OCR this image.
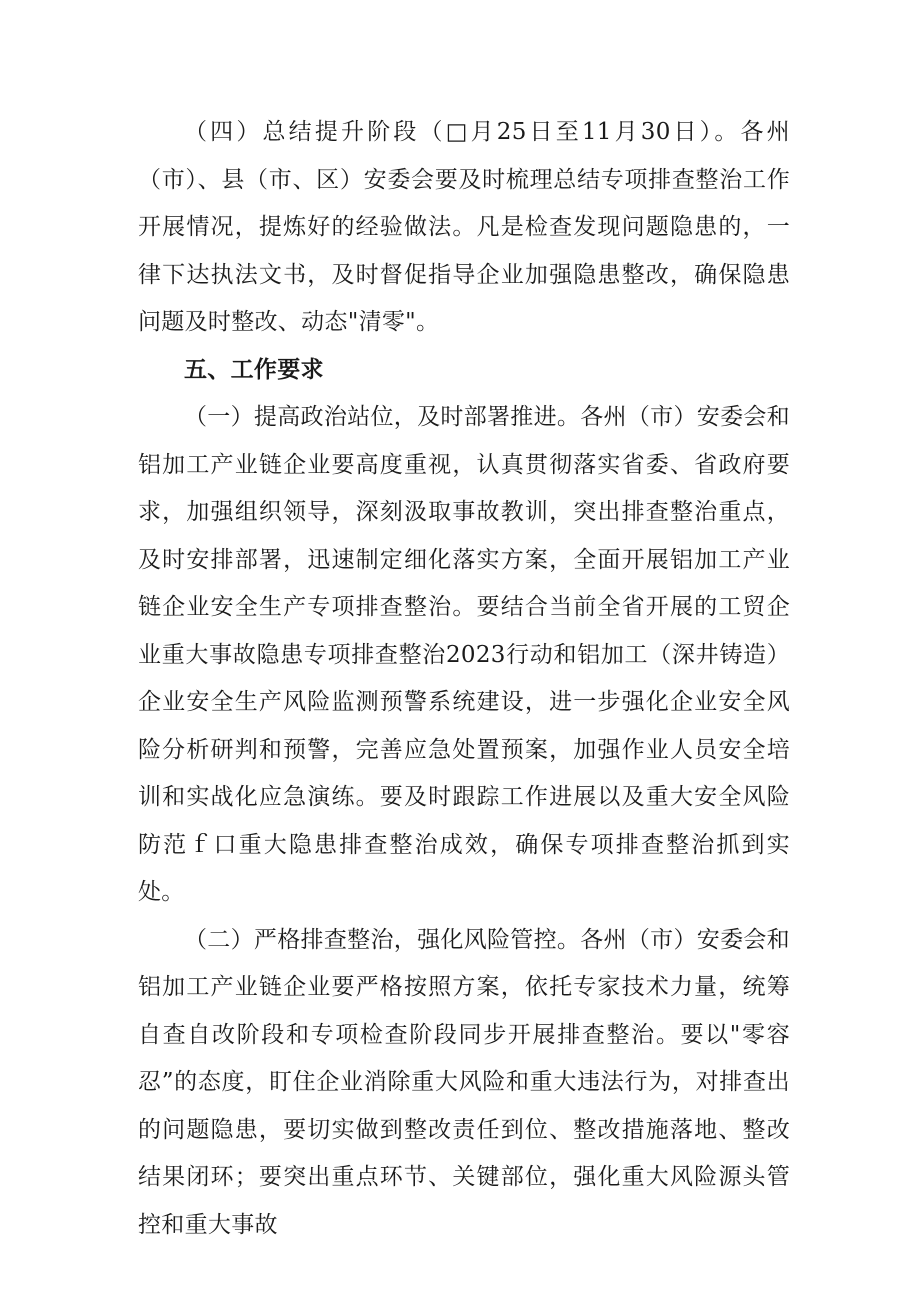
（四）总结提升阶段（□月25日至11月30日）。各州（市）、县（市、区）安委会要及时梳理总结专项排查整治工作开展情况，提炼好的经验做法。凡是检查发现问题隐患的，一律下达执法文书，及时督促指导企业加强隐患整改，确保隐患问题及时整改、动态"清零"。

五、工作要求

（一）提高政治站位，及时部署推进。各州（市）安委会和铝加工产业链企业要高度重视，认真贯彻落实省委、省政府要求，加强组织领导，深刻汲取事故教训，突出排查整治重点，及时安排部署，迅速制定细化落实方案，全面开展铝加工产业链企业安全生产专项排查整治。要结合当前全省开展的工贸企业重大事故隐患专项排查整治2023行动和铝加工（深井铸造）企业安全生产风险监测预警系统建设，进一步强化企业安全风险分析研判和预警，完善应急处置预案，加强作业人员安全培训和实战化应急演练。要及时跟踪工作进展以及重大安全风险防范ｆ口重大隐患排查整治成效，确保专项排查整治抓到实处。

（二）严格排查整治，强化风险管控。各州（市）安委会和铝加工产业链企业要严格按照方案，依托专家技术力量，统筹自查自改阶段和专项检查阶段同步开展排查整治。要以"零容忍”的态度，盯住企业消除重大风险和重大违法行为，对排查出的问题隐患，要切实做到整改责任到位、整改措施落地、整改结果闭环；要突出重点环节、关键部位，强化重大风险源头管控和重大事故
